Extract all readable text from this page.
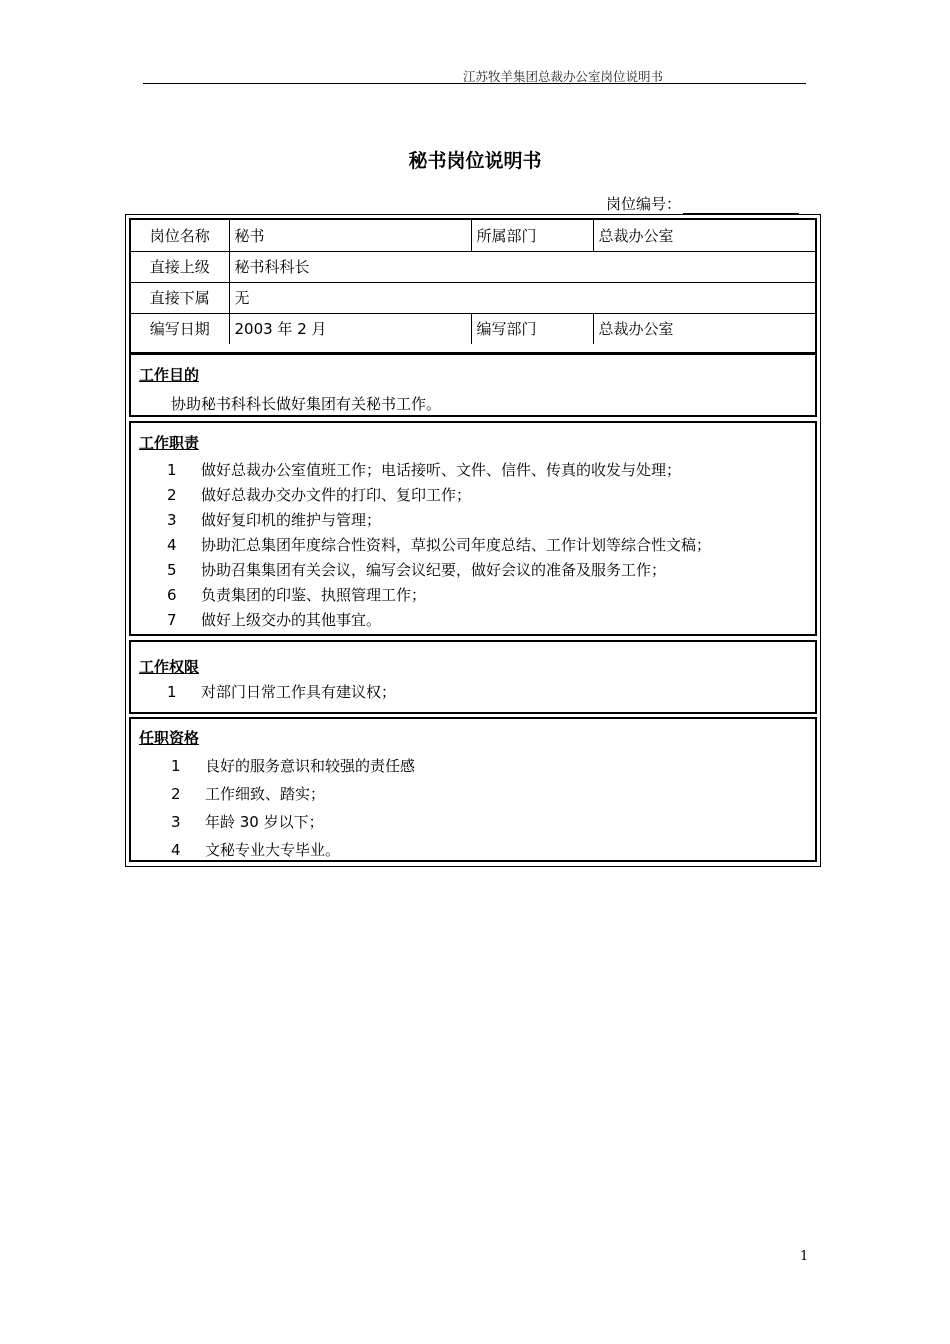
江苏牧羊集团总裁办公室岗位说明书
秘书岗位说明书
岗位编号：
岗位名称	秘书	所属部门	总裁办公室
直接上级	秘书科科长		
直接下属	无		
编写日期	2003 年 2 月	编写部门	总裁办公室
工作目的
协助秘书科科长做好集团有关秘书工作。
工作职责
1 做好总裁办公室值班工作；电话接听、文件、信件、传真的收发与处理；
2 做好总裁办交办文件的打印、复印工作；
3 做好复印机的维护与管理；
4 协助汇总集团年度综合性资料，草拟公司年度总结、工作计划等综合性文稿；
5 协助召集集团有关会议，编写会议纪要，做好会议的准备及服务工作；
6 负责集团的印鉴、执照管理工作；
7 做好上级交办的其他事宜。
工作权限
1 对部门日常工作具有建议权；
任职资格
1 良好的服务意识和较强的责任感
2 工作细致、踏实；
3 年龄 30 岁以下；
4 文秘专业大专毕业。
1
